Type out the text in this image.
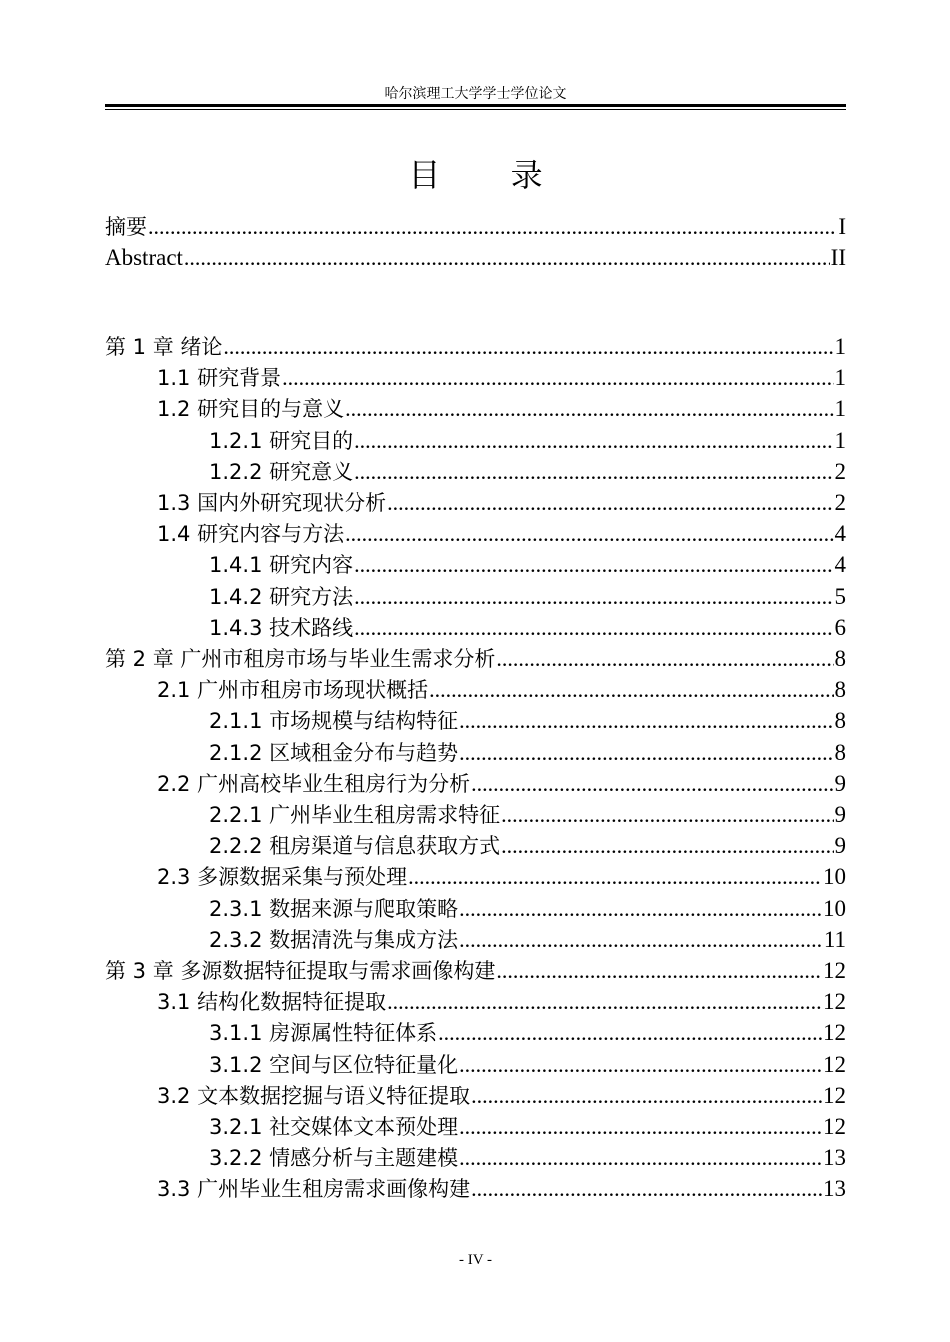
哈尔滨理工大学学士学位论文
目 录
摘要 .....	I
Abstract .....	II
第 1 章 绪论 .....	1
1.1 研究背景 .....	1
1.2 研究目的与意义 .....	1
1.2.1 研究目的 .....	1
1.2.2 研究意义 .....	2
1.3 国内外研究现状分析 .....	2
1.4 研究内容与方法 .....	4
1.4.1 研究内容 .....	4
1.4.2 研究方法 .....	5
1.4.3 技术路线 .....	6
第 2 章 广州市租房市场与毕业生需求分析 .....	8
2.1 广州市租房市场现状概括 .....	8
2.1.1 市场规模与结构特征 .....	8
2.1.2 区域租金分布与趋势 .....	8
2.2 广州高校毕业生租房行为分析 .....	9
2.2.1 广州毕业生租房需求特征 .....	9
2.2.2 租房渠道与信息获取方式 .....	9
2.3 多源数据采集与预处理 .....	10
2.3.1 数据来源与爬取策略 .....	10
2.3.2 数据清洗与集成方法 .....	11
第 3 章 多源数据特征提取与需求画像构建 .....	12
3.1 结构化数据特征提取 .....	12
3.1.1 房源属性特征体系 .....	12
3.1.2 空间与区位特征量化 .....	12
3.2 文本数据挖掘与语义特征提取 .....	12
3.2.1 社交媒体文本预处理 .....	12
3.2.2 情感分析与主题建模 .....	13
3.3 广州毕业生租房需求画像构建 .....	13
- IV -
